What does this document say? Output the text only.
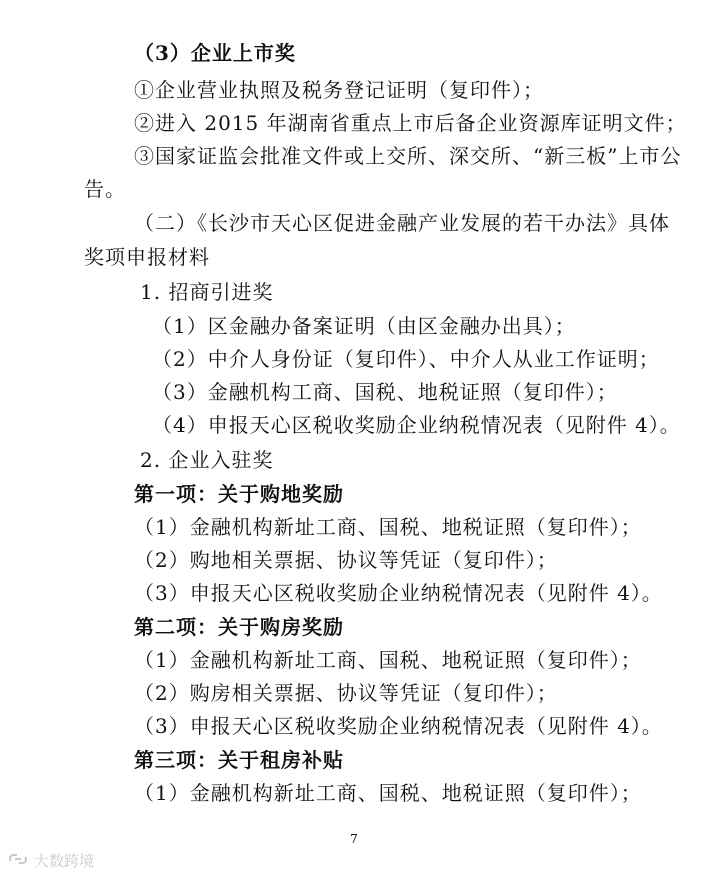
（3）企业上市奖
①企业营业执照及税务登记证明（复印件）；
②进入 2015 年湖南省重点上市后备企业资源库证明文件；
③国家证监会批准文件或上交所、深交所、“新三板”上市公
告。
（二）《长沙市天心区促进金融产业发展的若干办法》具体
奖项申报材料
1. 招商引进奖
（1）区金融办备案证明（由区金融办出具）；
（2）中介人身份证（复印件）、中介人从业工作证明；
（3）金融机构工商、国税、地税证照（复印件）；
（4）申报天心区税收奖励企业纳税情况表（见附件 4）。
2. 企业入驻奖
第一项：关于购地奖励
（1）金融机构新址工商、国税、地税证照（复印件）；
（2）购地相关票据、协议等凭证（复印件）；
（3）申报天心区税收奖励企业纳税情况表（见附件 4）。
第二项：关于购房奖励
（1）金融机构新址工商、国税、地税证照（复印件）；
（2）购房相关票据、协议等凭证（复印件）；
（3）申报天心区税收奖励企业纳税情况表（见附件 4）。
第三项：关于租房补贴
（1）金融机构新址工商、国税、地税证照（复印件）；
7
大数跨境
